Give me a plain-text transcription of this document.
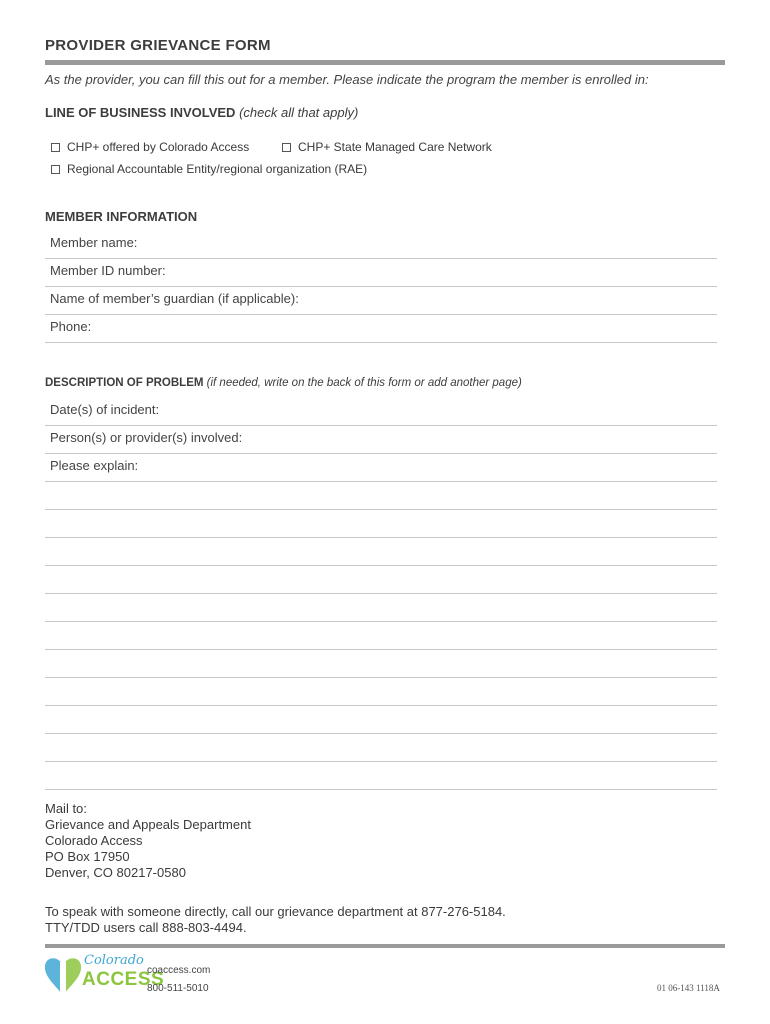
PROVIDER GRIEVANCE FORM
As the provider, you can fill this out for a member. Please indicate the program the member is enrolled in:
LINE OF BUSINESS INVOLVED (check all that apply)
CHP+ offered by Colorado Access	CHP+ State Managed Care Network
Regional Accountable Entity/regional organization (RAE)
MEMBER INFORMATION
Member name:
Member ID number:
Name of member’s guardian (if applicable):
Phone:
DESCRIPTION OF PROBLEM (if needed, write on the back of this form or add another page)
Date(s) of incident:
Person(s) or provider(s) involved:
Please explain:
Mail to:
Grievance and Appeals Department
Colorado Access
PO Box 17950
Denver, CO 80217-0580
To speak with someone directly, call our grievance department at 877-276-5184.
TTY/TDD users call 888-803-4494.
Colorado
ACCESS
coaccess.com
800-511-5010	01 06-143 1118A
